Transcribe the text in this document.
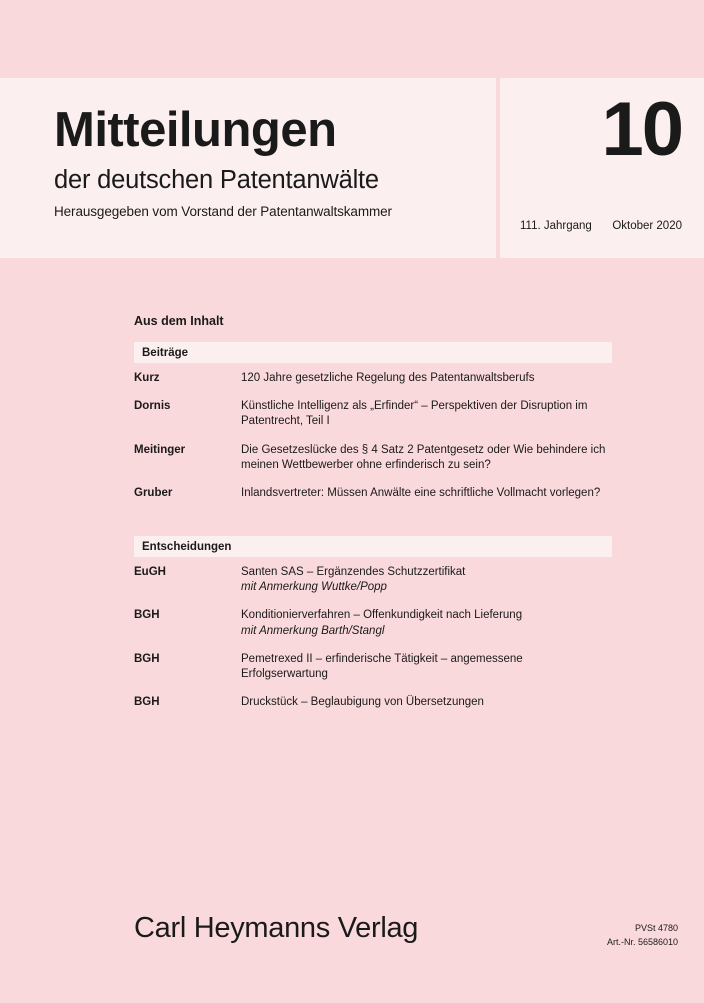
Mitteilungen
der deutschen Patentanwälte
Herausgegeben vom Vorstand der Patentanwaltskammer
10
111. Jahrgang Oktober 2020
Aus dem Inhalt
Beiträge
Kurz	120 Jahre gesetzliche Regelung des Patentanwaltsberufs
Dornis	Künstliche Intelligenz als „Erfinder“ – Perspektiven der Disruption im Patentrecht, Teil I
Meitinger	Die Gesetzeslücke des § 4 Satz 2 Patentgesetz oder Wie behindere ich meinen Wettbewerber ohne erfinderisch zu sein?
Gruber	Inlandsvertreter: Müssen Anwälte eine schriftliche Vollmacht vorlegen?
Entscheidungen
EuGH	Santen SAS – Ergänzendes Schutzzertifikat
mit Anmerkung Wuttke/Popp
BGH	Konditionierverfahren – Offenkundigkeit nach Lieferung
mit Anmerkung Barth/Stangl
BGH	Pemetrexed II – erfinderische Tätigkeit – angemessene Erfolgserwartung
BGH	Druckstück – Beglaubigung von Übersetzungen
Carl Heymanns Verlag	PVSt 4780
Art.-Nr. 56586010
